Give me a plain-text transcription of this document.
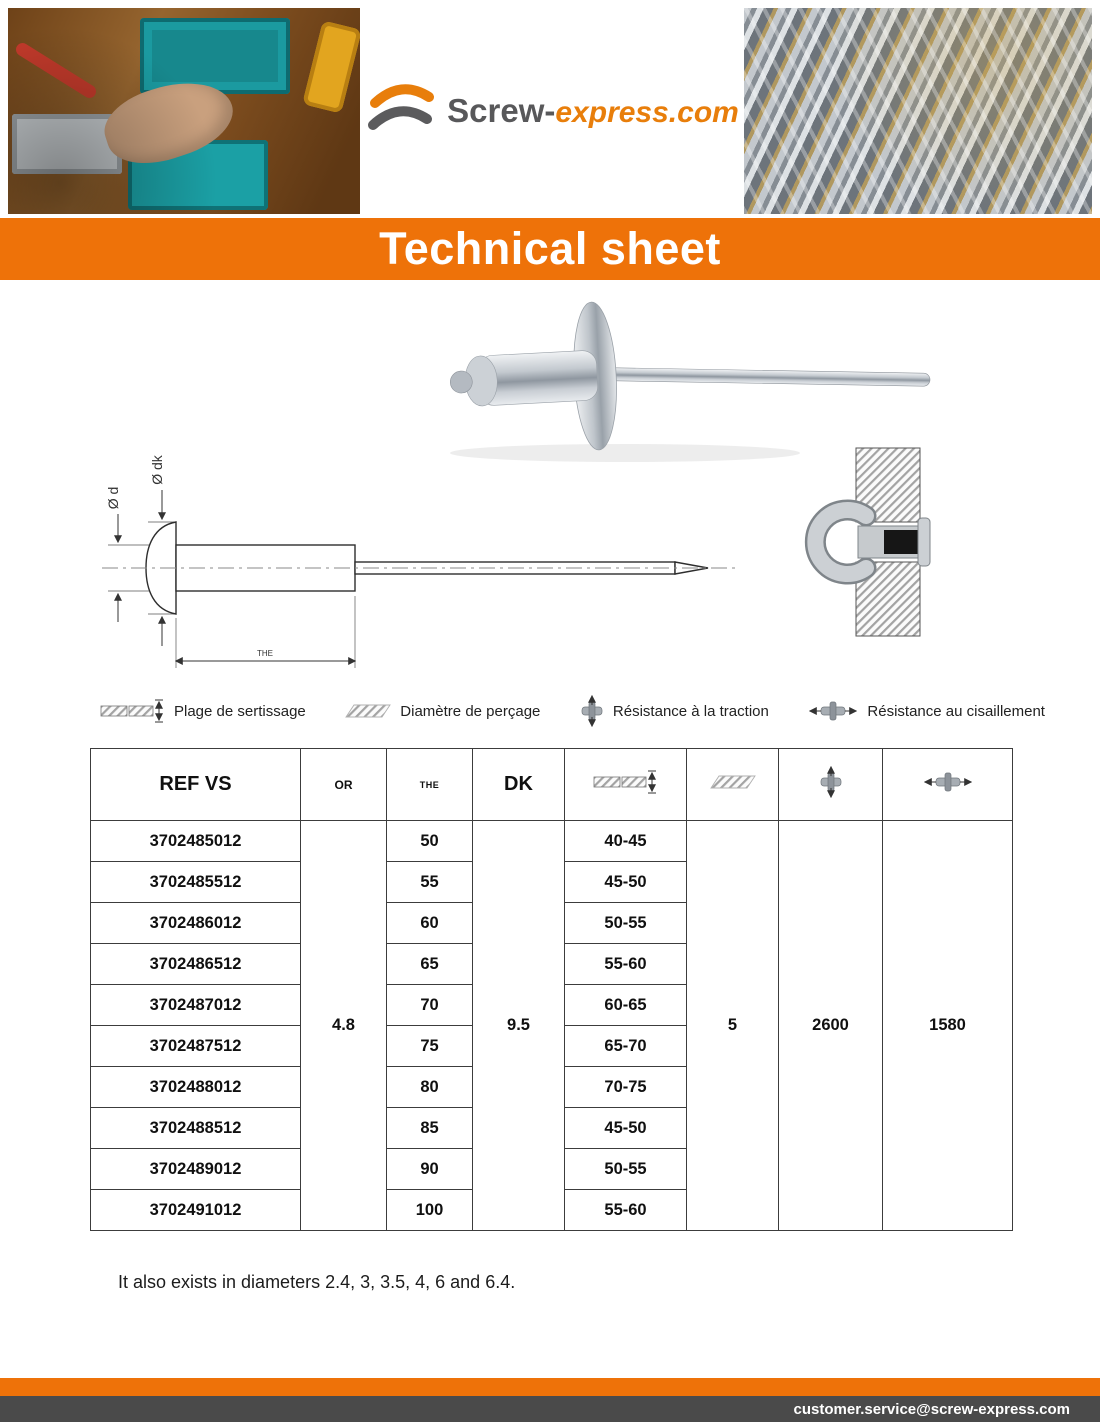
Screw-express.com
Technical sheet
Ø d
Ø dk
THE
Plage de sertissage	Diamètre de perçage	Résistance à la traction	Résistance au cisaillement
REF VS	OR	THE	DK				
3702485012	4.8	50	9.5	40-45	5	2600	1580
3702485512		55		45-50			
3702486012		60		50-55			
3702486512		65		55-60			
3702487012		70		60-65			
3702487512		75		65-70			
3702488012		80		70-75			
3702488512		85		45-50			
3702489012		90		50-55			
3702491012		100		55-60			
It also exists in diameters 2.4, 3, 3.5, 4, 6 and 6.4.
customer.service@screw-express.com
